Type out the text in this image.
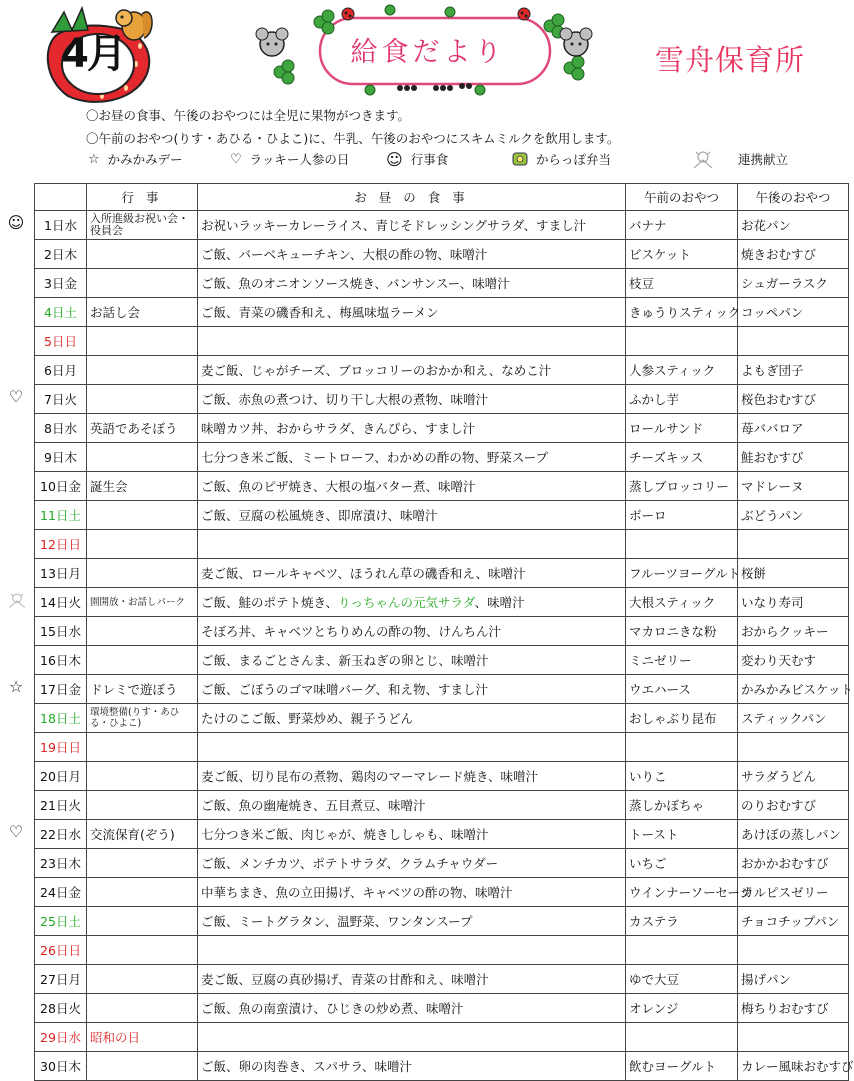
4月	給食だより	雪舟保育所
〇お昼の食事、午後のおやつには全児に果物がつきます。
〇午前のおやつ(りす・あひる・ひよこ)に、牛乳、午後のおやつにスキムミルクを飲用します。
☆ かみかみデー	♡ ラッキー人参の日 ☺ 行事食	からっぽ弁当	連携献立
	行 事	お 昼 の 食 事	午前のおやつ	午後のおやつ
1日水	入所進級お祝い会・役員会	お祝いラッキーカレーライス、青じそドレッシングサラダ、すまし汁	バナナ	お花パン
2日木		ご飯、バーベキューチキン、大根の酢の物、味噌汁	ビスケット	焼きおむすび
3日金		ご飯、魚のオニオンソース焼き、バンサンスー、味噌汁	枝豆	シュガーラスク
4日土	お話し会	ご飯、青菜の磯香和え、梅風味塩ラーメン	きゅうりスティック	コッペパン
5日日				
6日月		麦ご飯、じゃがチーズ、ブロッコリーのおかか和え、なめこ汁	人参スティック	よもぎ団子
7日火		ご飯、赤魚の煮つけ、切り干し大根の煮物、味噌汁	ふかし芋	桜色おむすび
8日水	英語であそぼう	味噌カツ丼、おからサラダ、きんぴら、すまし汁	ロールサンド	苺ババロア
9日木		七分つき米ご飯、ミートローフ、わかめの酢の物、野菜スープ	チーズキッス	鮭おむすび
10日金	誕生会	ご飯、魚のピザ焼き、大根の塩バター煮、味噌汁	蒸しブロッコリー	マドレーヌ
11日土		ご飯、豆腐の松風焼き、即席漬け、味噌汁	ボーロ	ぶどうパン
12日日				
13日月		麦ご飯、ロールキャベツ、ほうれん草の磯香和え、味噌汁	フルーツヨーグルト	桜餅
14日火	園開放・お話しパーク	ご飯、鮭のポテト焼き、りっちゃんの元気サラダ、味噌汁	大根スティック	いなり寿司
15日水		そぼろ丼、キャベツとちりめんの酢の物、けんちん汁	マカロニきな粉	おからクッキー
16日木		ご飯、まるごとさんま、新玉ねぎの卵とじ、味噌汁	ミニゼリー	変わり天むす
17日金	ドレミで遊ぼう	ご飯、ごぼうのゴマ味噌バーグ、和え物、すまし汁	ウエハース	かみかみビスケット
18日土	環境整備(りす・あひる・ひよこ)	たけのこご飯、野菜炒め、親子うどん	おしゃぶり昆布	スティックパン
19日日				
20日月		麦ご飯、切り昆布の煮物、鶏肉のマーマレード焼き、味噌汁	いりこ	サラダうどん
21日火		ご飯、魚の幽庵焼き、五目煮豆、味噌汁	蒸しかぼちゃ	のりおむすび
22日水	交流保育(ぞう)	七分つき米ご飯、肉じゃが、焼きししゃも、味噌汁	トースト	あけぼの蒸しパン
23日木		ご飯、メンチカツ、ポテトサラダ、クラムチャウダー	いちご	おかかおむすび
24日金		中華ちまき、魚の立田揚げ、キャベツの酢の物、味噌汁	ウインナーソーセージ	カルピスゼリー
25日土		ご飯、ミートグラタン、温野菜、ワンタンスープ	カステラ	チョコチップパン
26日日				
27日月		麦ご飯、豆腐の真砂揚げ、青菜の甘酢和え、味噌汁	ゆで大豆	揚げパン
28日火		ご飯、魚の南蛮漬け、ひじきの炒め煮、味噌汁	オレンジ	梅ちりおむすび
29日水	昭和の日			
30日木		ご飯、卵の肉巻き、スパサラ、味噌汁	飲むヨーグルト	カレー風味おむすび
☺
♡
☆
♡
